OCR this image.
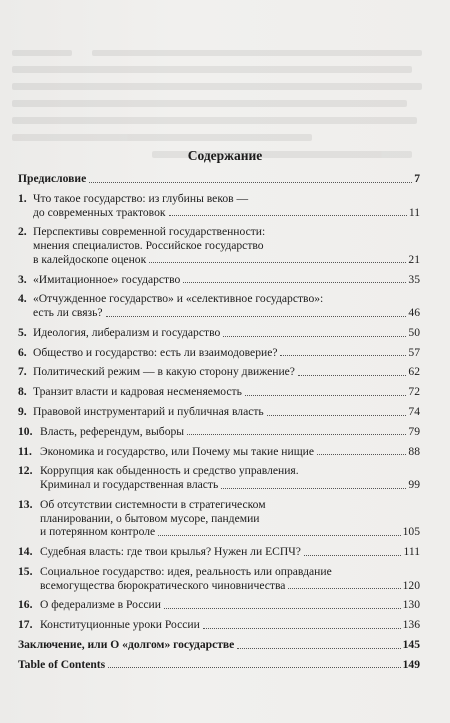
Содержание
Предисловие	7
1. Что такое государство: из глубины веков —
до современных трактовок	11
2. Перспективы современной государственности:
мнения специалистов. Российское государство
в калейдоскопе оценок	21
3. «Имитационное» государство	35
4. «Отчужденное государство» и «селективное государство»:
есть ли связь?	46
5. Идеология, либерализм и государство	50
6. Общество и государство: есть ли взаимодоверие?	57
7. Политический режим — в какую сторону движение?	62
8. Транзит власти и кадровая несменяемость	72
9. Правовой инструментарий и публичная власть	74
10. Власть, референдум, выборы	79
11. Экономика и государство, или Почему мы такие нищие	88
12. Коррупция как обыденность и средство управления.
Криминал и государственная власть	99
13. Об отсутствии системности в стратегическом
планировании, о бытовом мусоре, пандемии
и потерянном контроле	105
14. Судебная власть: где твои крылья? Нужен ли ЕСПЧ?	111
15. Социальное государство: идея, реальность или оправдание
всемогущества бюрократического чиновничества	120
16. О федерализме в России	130
17. Конституционные уроки России	136
Заключение, или О «долгом» государстве	145
Table of Contents	149
